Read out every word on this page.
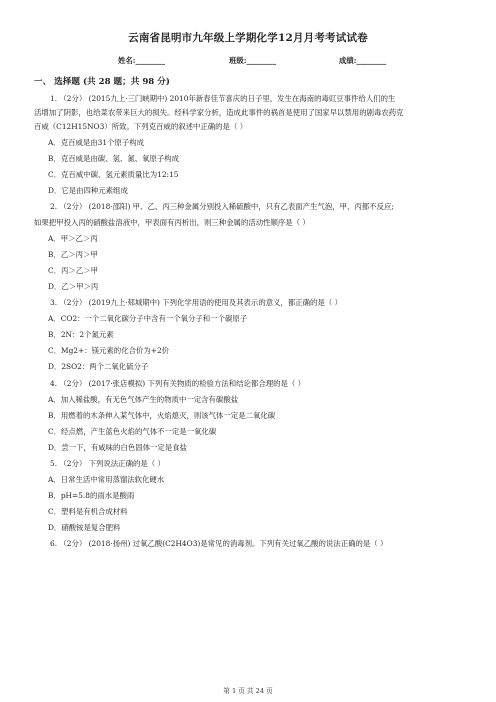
云南省昆明市九年级上学期化学12月月考考试试卷
姓名:________	班级:________	成绩:________
一、 选择题 (共 28 题；共 98 分)
1. （2分） (2015九上·三门峡期中) 2010年新春佳节喜庆的日子里，发生在海南的毒豇豆事件给人们的生
活增加了阴影，也给菜农带来巨大的损失。经科学家分析，造成此事件的祸首是使用了国家早以禁用的剧毒农药克
百威（C12H15NO3）所致。下列克百威的叙述中正确的是（ ）
A．克百威是由31个原子构成
B．克百威是由碳、氢、氮、氧原子构成
C．克百威中碳、氢元素质量比为12:15
D．它是由四种元素组成
2. （2分） (2018·邵阳) 甲、乙、丙三种金属分别投入稀硫酸中，只有乙表面产生气泡，甲、丙都不反应;
如果把甲投入丙的硝酸盐溶液中，甲表面有丙析出，则三种金属的活动性顺序是（ ）
A．甲＞乙＞丙
B．乙＞丙＞甲
C．丙＞乙＞甲
D．乙＞甲＞丙
3. （2分） (2019九上·郏城期中) 下列化学用语的使用及其表示的意义，都正确的是（ ）
A．CO2：一个二氧化碳分子中含有一个氧分子和一个碳原子
B．2N：2个氮元素
C．Mg2+：镁元素的化合价为+2价
D．2SO2：两个二氧化硫分子
4. （2分） (2017·张店模拟) 下列有关物质的检验方法和结论都合理的是（ ）
A．加入稀盐酸，有无色气体产生的物质中一定含有碳酸盐
B．用燃着的木条伸入某气体中，火焰熄灭，则该气体一定是二氧化碳
C．经点燃，产生蓝色火焰的气体不一定是一氧化碳
D．尝一下，有咸味的白色固体一定是食盐
5. （2分） 下列说法正确的是（ ）
A．日常生活中常用蒸馏法软化硬水
B．pH=5.8的雨水是酸雨
C．塑料是有机合成材料
D．硝酸铵是复合肥料
6. （2分） (2018·扬州) 过氧乙酸(C2H4O3)是常见的消毒剂。下列有关过氧乙酸的说法正确的是（ ）
第 1 页 共 24 页
